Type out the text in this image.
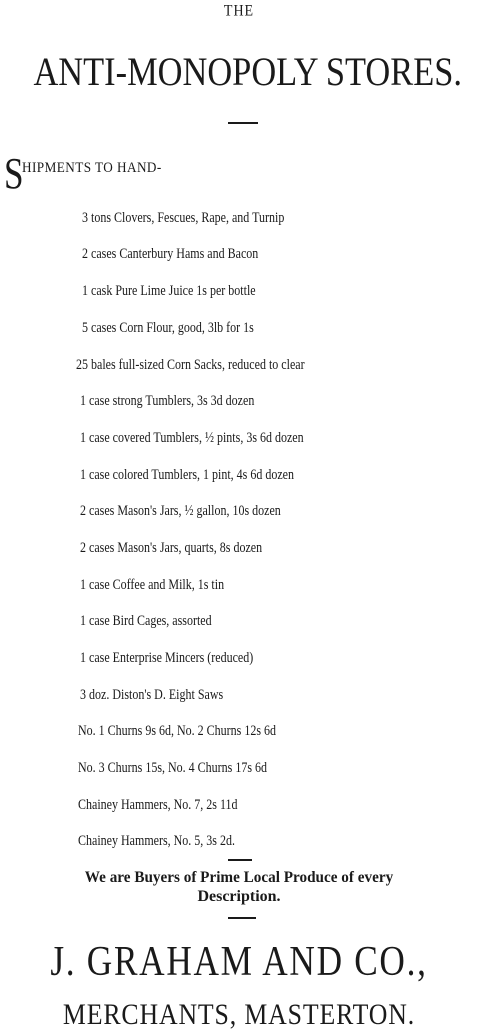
THE
ANTI-MONOPOLY STORES.
S
HIPMENTS TO HAND-
3 tons Clovers, Fescues, Rape, and Turnip
2 cases Canterbury Hams and Bacon
1 cask Pure Lime Juice 1s per bottle
5 cases Corn Flour, good, 3lb for 1s
25 bales full-sized Corn Sacks, reduced to clear
1 case strong Tumblers, 3s 3d dozen
1 case covered Tumblers, ½ pints, 3s 6d dozen
1 case colored Tumblers, 1 pint, 4s 6d dozen
2 cases Mason's Jars, ½ gallon, 10s dozen
2 cases Mason's Jars, quarts, 8s dozen
1 case Coffee and Milk, 1s tin
1 case Bird Cages, assorted
1 case Enterprise Mincers (reduced)
3 doz. Diston's D. Eight Saws
No. 1 Churns 9s 6d, No. 2 Churns 12s 6d
No. 3 Churns 15s, No. 4 Churns 17s 6d
Chainey Hammers, No. 7, 2s 11d
Chainey Hammers, No. 5, 3s 2d.
We are Buyers of Prime Local Produce of every
Description.
J. GRAHAM AND CO.,
MERCHANTS, MASTERTON.
